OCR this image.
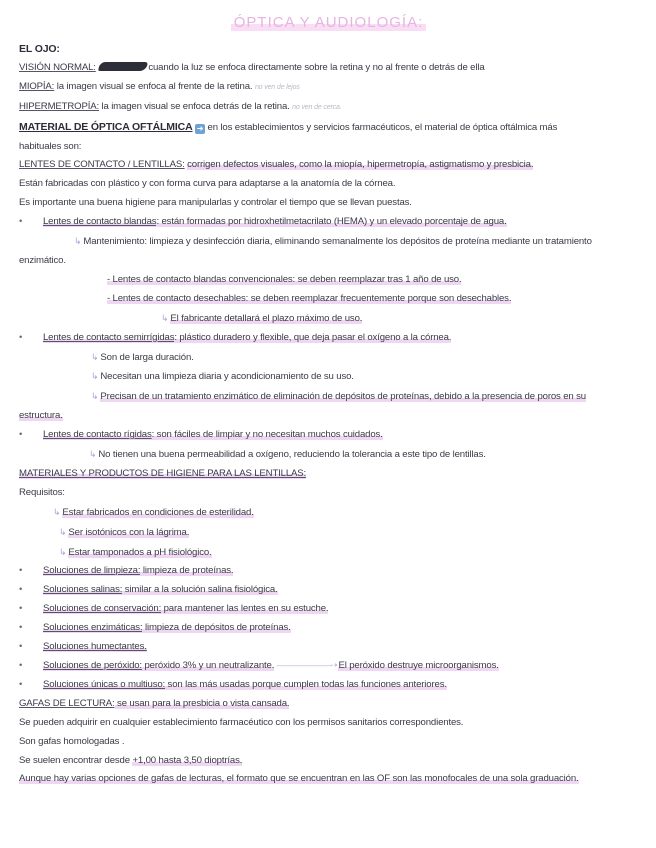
ÓPTICA Y AUDIOLOGÍA:
EL OJO:
VISIÓN NORMAL:	cuando la luz se enfoca directamente sobre la retina y no al frente o detrás de ella
MIOPÍA: la imagen visual se enfoca al frente de la retina. no ven de lejos
HIPERMETROPÍA: la imagen visual se enfoca detrás de la retina. no ven de cerca.
MATERIAL DE ÓPTICA OFTÁLMICA ➜ en los establecimientos y servicios farmacéuticos, el material de óptica oftálmica más
habituales son:
LENTES DE CONTACTO / LENTILLAS: corrigen defectos visuales, como la miopía, hipermetropía, astigmatismo y presbicia.
Están fabricadas con plástico y con forma curva para adaptarse a la anatomía de la córnea.
Es importante una buena higiene para manipularlas y controlar el tiempo que se llevan puestas.
• Lentes de contacto blandas: están formadas por hidroxhetilmetacrilato (HEMA) y un elevado porcentaje de agua.
↳ Mantenimiento: limpieza y desinfección diaria, eliminando semanalmente los depósitos de proteína mediante un tratamiento
enzimático.
- Lentes de contacto blandas convencionales: se deben reemplazar tras 1 año de uso.
- Lentes de contacto desechables: se deben reemplazar frecuentemente porque son desechables.
↳ El fabricante detallará el plazo máximo de uso.
• Lentes de contacto semirrígidas: plástico duradero y flexible, que deja pasar el oxígeno a la córnea.
↳ Son de larga duración.
↳ Necesitan una limpieza diaria y acondicionamiento de su uso.
↳ Precisan de un tratamiento enzimático de eliminación de depósitos de proteínas, debido a la presencia de poros en su
estructura.
• Lentes de contacto rígidas: son fáciles de limpiar y no necesitan muchos cuidados.
↳ No tienen una buena permeabilidad a oxígeno, reduciendo la tolerancia a este tipo de lentillas.
MATERIALES Y PRODUCTOS DE HIGIENE PARA LAS LENTILLAS:
Requisitos:
↳ Estar fabricados en condiciones de esterilidad.
↳ Ser isotónicos con la lágrima.
↳ Estar tamponados a pH fisiológico.
• Soluciones de limpieza: limpieza de proteínas.
• Soluciones salinas: similar a la solución salina fisiológica.
• Soluciones de conservación: para mantener las lentes en su estuche.
• Soluciones enzimáticas: limpieza de depósitos de proteínas.
• Soluciones humectantes.
• Soluciones de peróxido: peróxido 3% y un neutralizante. ———————➝ El peróxido destruye microorganismos.
• Soluciones únicas o multiuso: son las más usadas porque cumplen todas las funciones anteriores.
GAFAS DE LECTURA: se usan para la presbicia o vista cansada.
Se pueden adquirir en cualquier establecimiento farmacéutico con los permisos sanitarios correspondientes.
Son gafas homologadas .
Se suelen encontrar desde +1,00 hasta 3,50 dioptrías.
Aunque hay varias opciones de gafas de lecturas, el formato que se encuentran en las OF son las monofocales de una sola graduación.
